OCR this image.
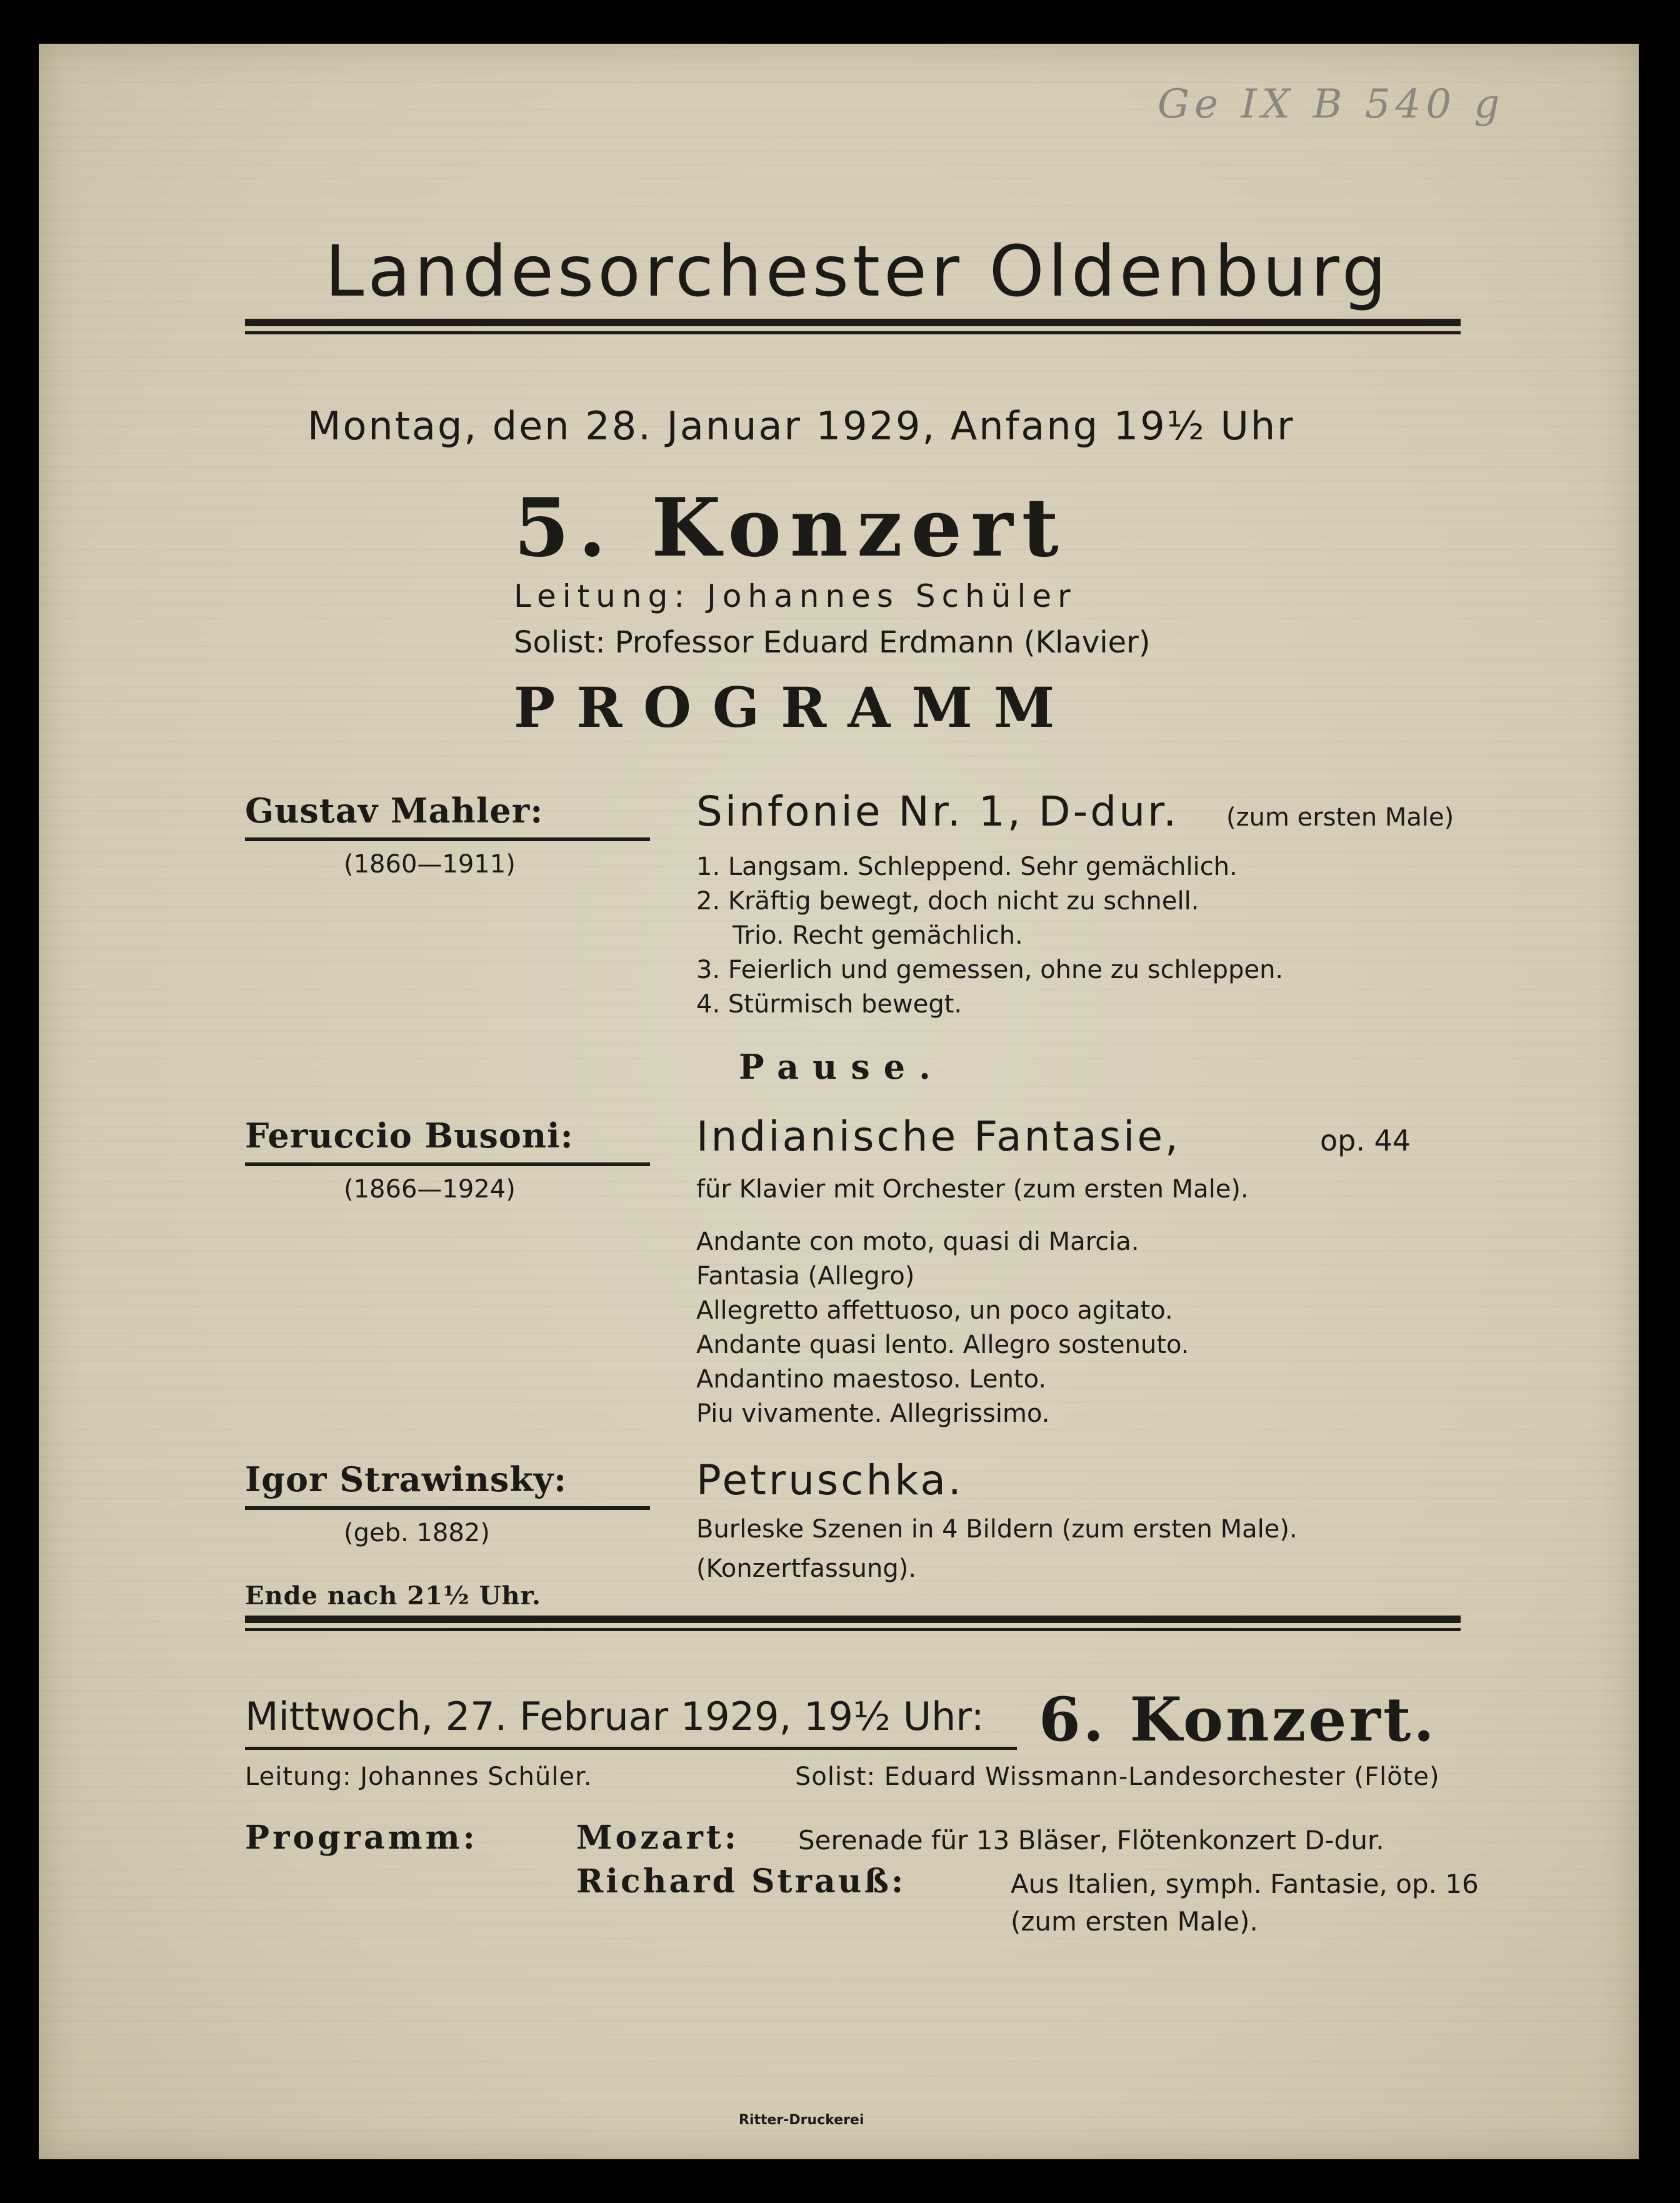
Ge IX B 540 g
Landesorchester Oldenburg
Montag, den 28. Januar 1929, Anfang 19½ Uhr
5. Konzert
Leitung: Johannes Schüler
Solist: Professor Eduard Erdmann (Klavier)
PROGRAMM
Gustav Mahler:
(1860—1911)
Sinfonie Nr. 1, D-dur. (zum ersten Male)
1. Langsam. Schleppend. Sehr gemächlich.
2. Kräftig bewegt, doch nicht zu schnell.
Trio. Recht gemächlich.
3. Feierlich und gemessen, ohne zu schleppen.
4. Stürmisch bewegt.
Pause.
Feruccio Busoni:
(1866—1924)
Indianische Fantasie,	op. 44
für Klavier mit Orchester (zum ersten Male).
Andante con moto, quasi di Marcia.
Fantasia (Allegro)
Allegretto affettuoso, un poco agitato.
Andante quasi lento. Allegro sostenuto.
Andantino maestoso. Lento.
Piu vivamente. Allegrissimo.
Igor Strawinsky:
(geb. 1882)
Petruschka.
Burleske Szenen in 4 Bildern (zum ersten Male).
(Konzertfassung).
Ende nach 21½ Uhr.
Mittwoch, 27. Februar 1929, 19½ Uhr: 6. Konzert.
Leitung: Johannes Schüler.	Solist: Eduard Wissmann-Landesorchester (Flöte)
Programm:	Mozart: Serenade für 13 Bläser, Flötenkonzert D-dur.
Richard Strauß:	Aus Italien, symph. Fantasie, op. 16
(zum ersten Male).
Ritter-Druckerei
